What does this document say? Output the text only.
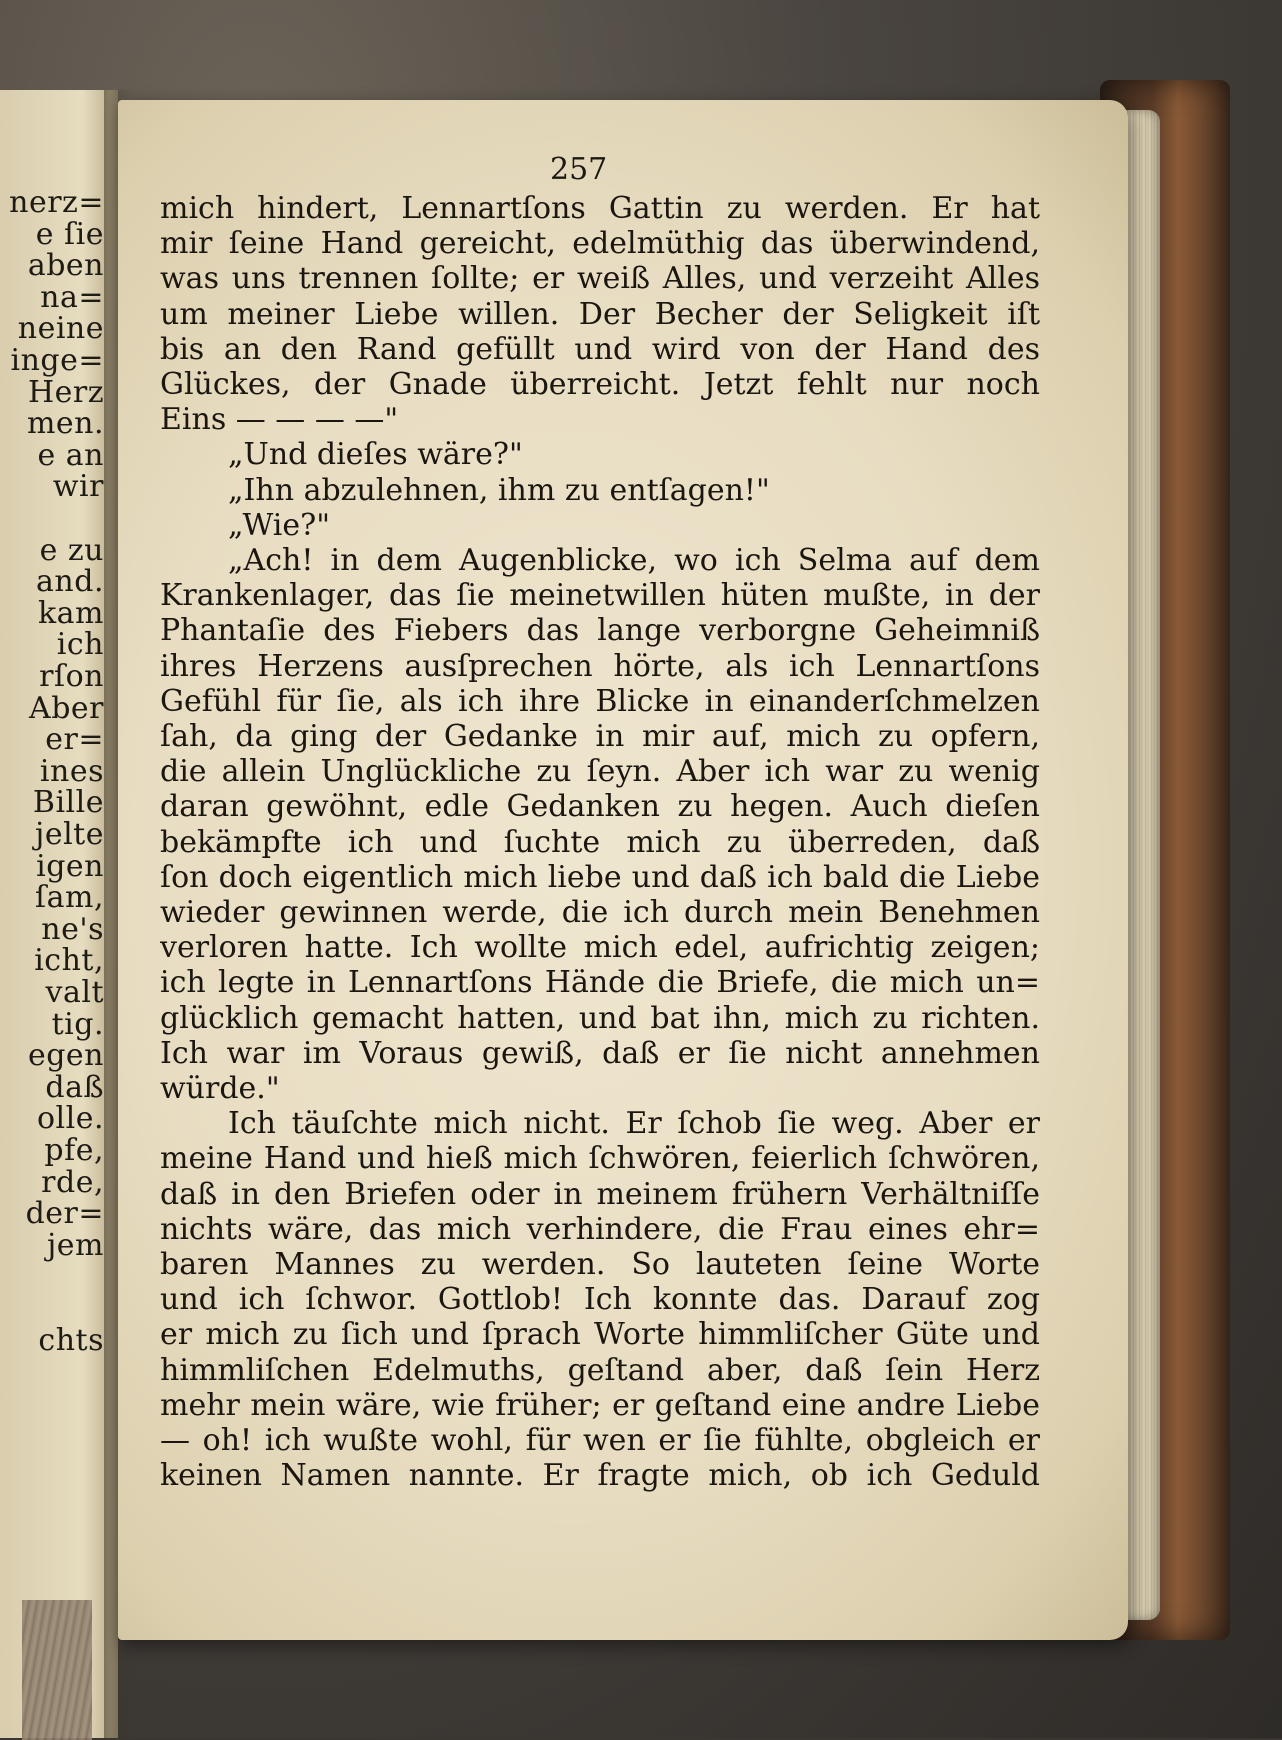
nerz=
e ſie
aben
na=
neine
inge=
Herz
men.
e an
wir
e zu
and.
kam
ich
rſon
Aber
er=
ines
Bille
jelte
igen
ſam,
ne's
icht,
valt
tig.
egen
daß
olle.
pfe,
rde,
der=
jem
chts
257
mich hindert, Lennartſons Gattin zu werden. Er hat
mir ſeine Hand gereicht, edelmüthig das überwindend,
was uns trennen ſollte; er weiß Alles, und verzeiht Alles
um meiner Liebe willen. Der Becher der Seligkeit iſt
bis an den Rand gefüllt und wird von der Hand des
Glückes, der Gnade überreicht. Jetzt fehlt nur noch
Eins — — — —"
„Und dieſes wäre?"
„Ihn abzulehnen, ihm zu entſagen!"
„Wie?"
„Ach! in dem Augenblicke, wo ich Selma auf dem
Krankenlager, das ſie meinetwillen hüten mußte, in der
Phantaſie des Fiebers das lange verborgne Geheimniß
ihres Herzens ausſprechen hörte, als ich Lennartſons
Gefühl für ſie, als ich ihre Blicke in einanderſchmelzen
ſah, da ging der Gedanke in mir auf, mich zu opfern,
die allein Unglückliche zu ſeyn. Aber ich war zu wenig
daran gewöhnt, edle Gedanken zu hegen. Auch dieſen
bekämpfte ich und ſuchte mich zu überreden, daß
ſon doch eigentlich mich liebe und daß ich bald die Liebe
wieder gewinnen werde, die ich durch mein Benehmen
verloren hatte. Ich wollte mich edel, aufrichtig zeigen;
ich legte in Lennartſons Hände die Briefe, die mich un=
glücklich gemacht hatten, und bat ihn, mich zu richten.
Ich war im Voraus gewiß, daß er ſie nicht annehmen
würde."
Ich täuſchte mich nicht. Er ſchob ſie weg. Aber er
meine Hand und hieß mich ſchwören, feierlich ſchwören,
daß in den Briefen oder in meinem frühern Verhältniſſe
nichts wäre, das mich verhindere, die Frau eines ehr=
baren Mannes zu werden. So lauteten ſeine Worte
und ich ſchwor. Gottlob! Ich konnte das. Darauf zog
er mich zu ſich und ſprach Worte himmliſcher Güte und
himmliſchen Edelmuths, geſtand aber, daß ſein Herz
mehr mein wäre, wie früher; er geſtand eine andre Liebe
— oh! ich wußte wohl, für wen er ſie fühlte, obgleich er
keinen Namen nannte. Er fragte mich, ob ich Geduld
